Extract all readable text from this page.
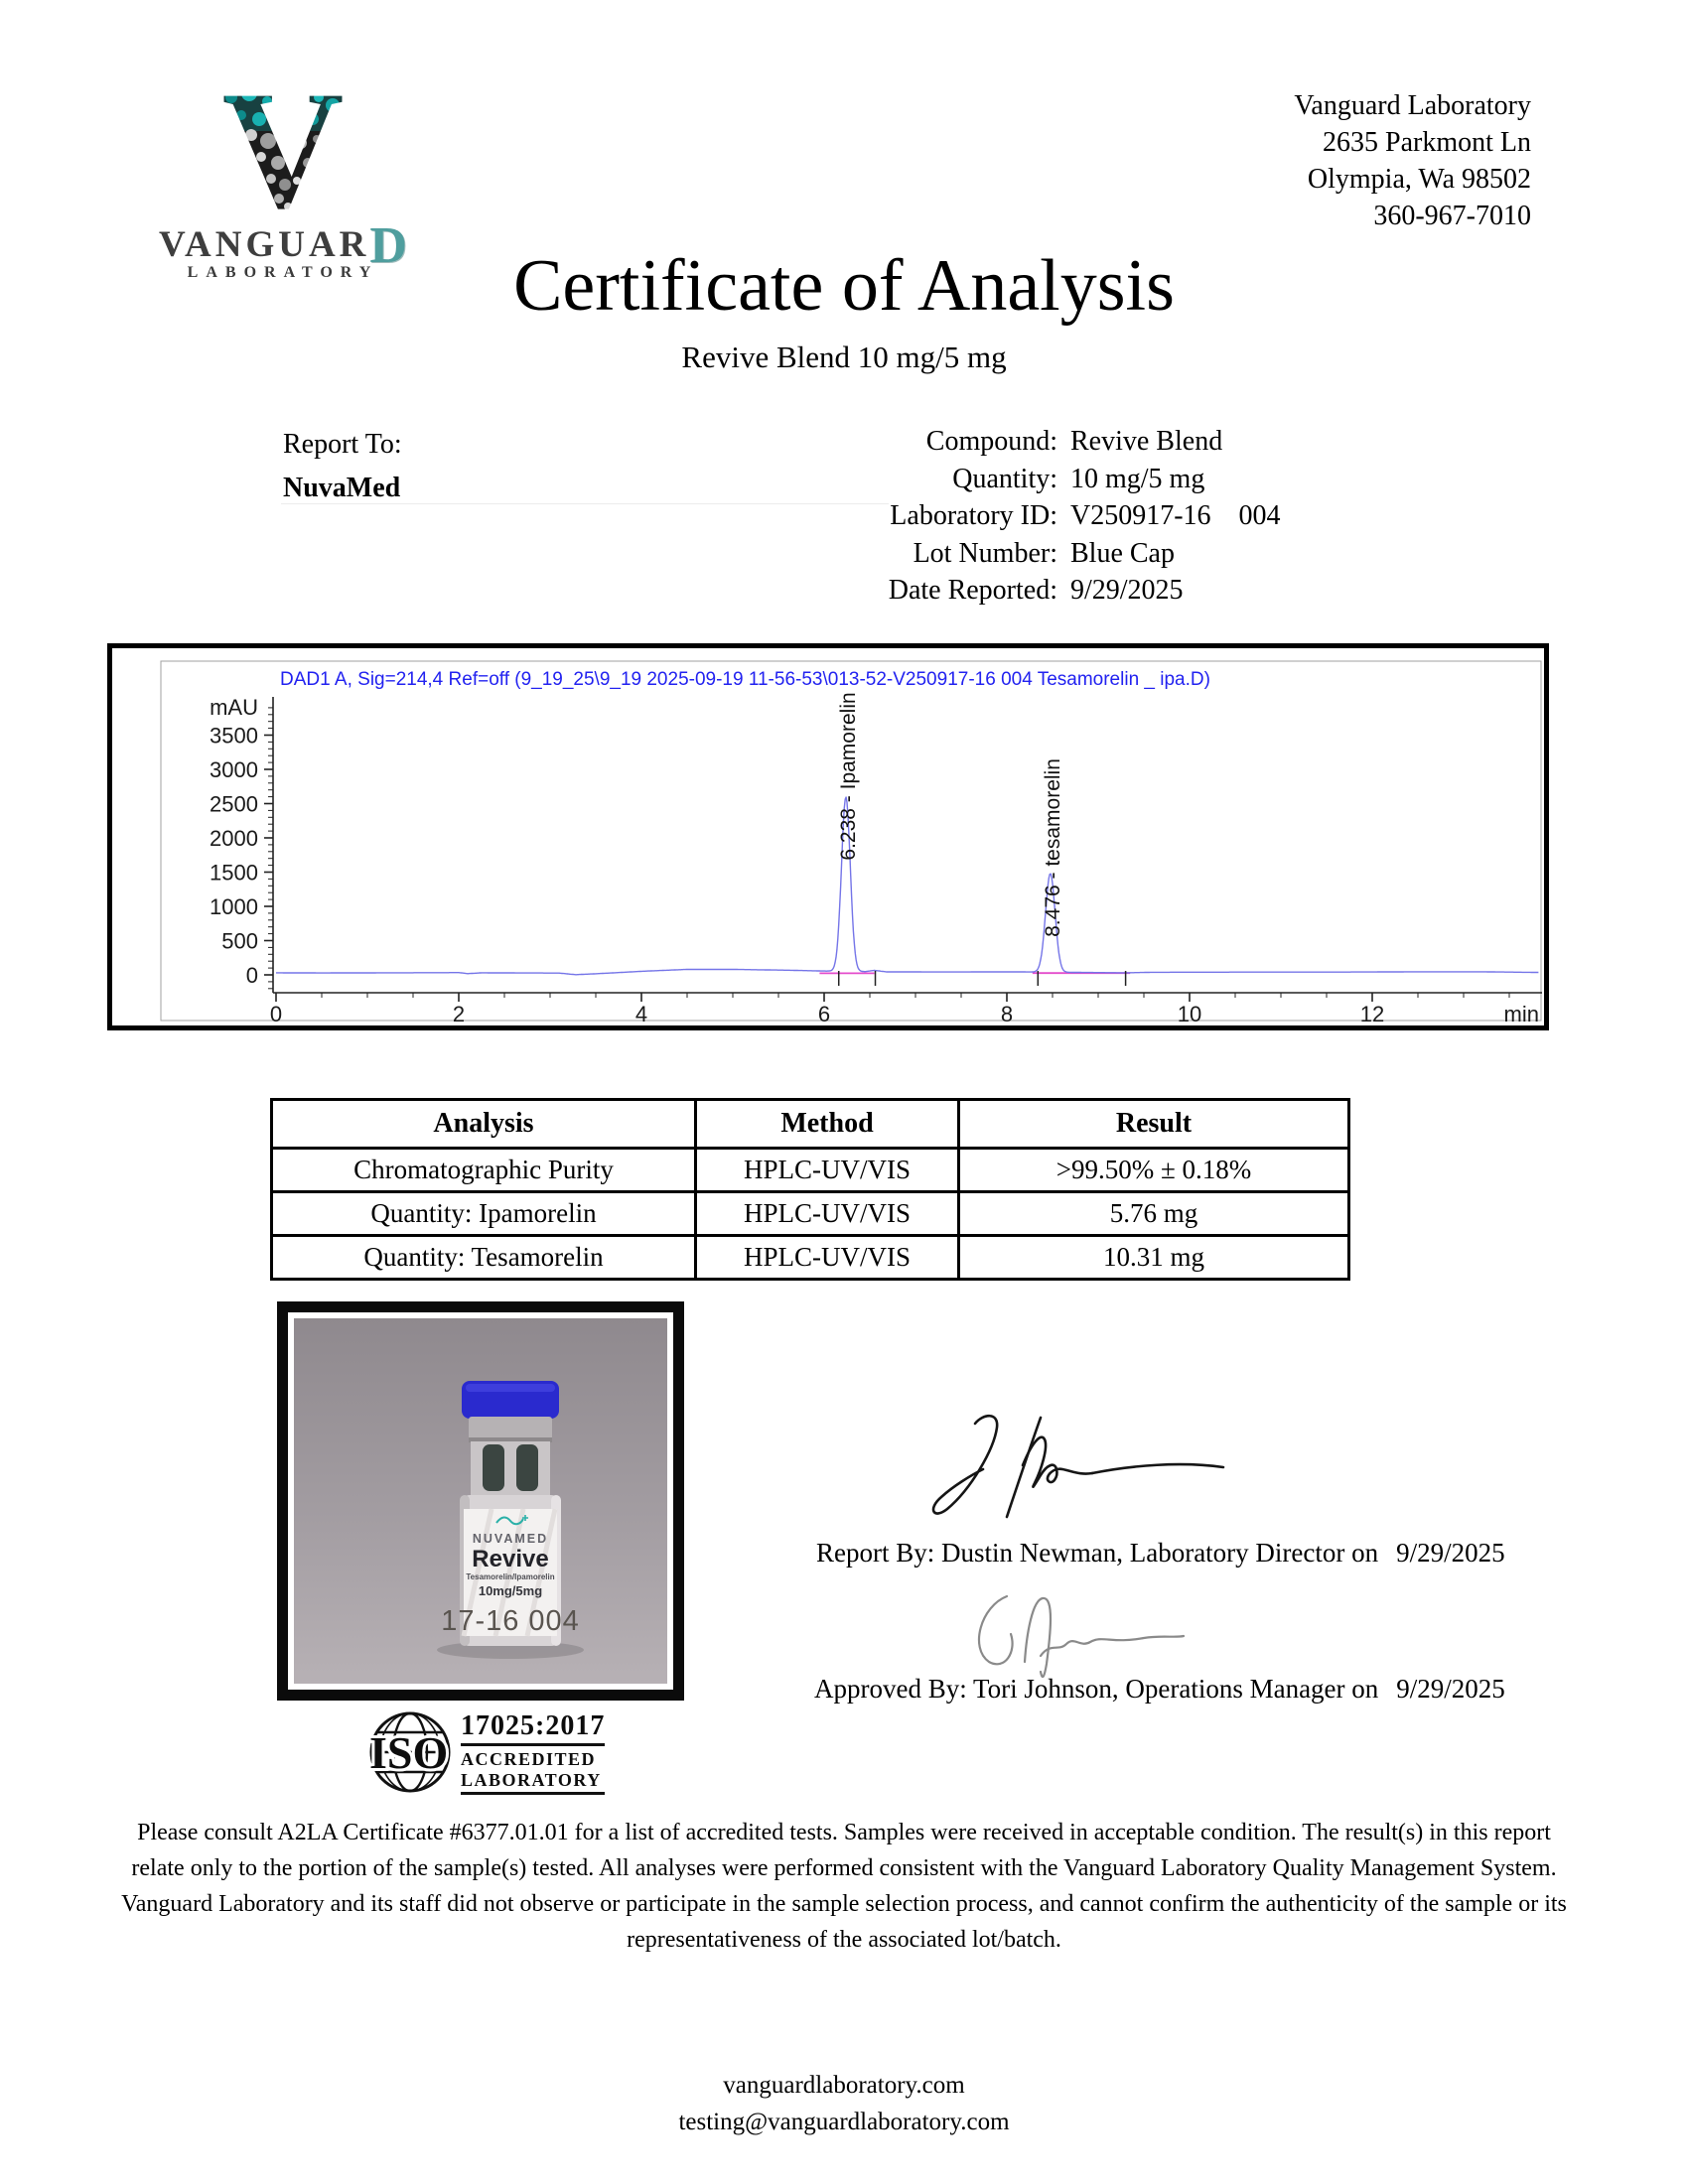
VANGUARD
LABORATORY
Vanguard Laboratory
2635 Parkmont Ln
Olympia, Wa 98502
360-967-7010
Certificate of Analysis
Revive Blend 10 mg/5 mg
Report To:
NuvaMed
Compound: Revive Blend
Quantity: 10 mg/5 mg
Laboratory ID: V250917-16    004
Lot Number: Blue Cap
Date Reported: 9/29/2025
DAD1 A, Sig=214,4 Ref=off (9_19_25\9_19 2025-09-19 11-56-53\013-52-V250917-16 004 Tesamorelin _ ipa.D)
0
500
1000
1500
2000
2500
3000
3500
mAU
0	2	4	6	8	10	12	min
6.238 - Ipamorelin	8.476 - tesamorelin
Analysis	Method	Result
Chromatographic Purity	HPLC-UV/VIS	>99.50% ± 0.18%
Quantity: Ipamorelin	HPLC-UV/VIS	5.76 mg
Quantity: Tesamorelin	HPLC-UV/VIS	10.31 mg
NUVAMED
Revive
Tesamorelin/Ipamorelin
10mg/5mg
17-16 004
Report By: Dustin Newman, Laboratory Director on 9/29/2025
Approved By: Tori Johnson, Operations Manager on 9/29/2025
ISO
17025:2017
ACCREDITED
LABORATORY
Please consult A2LA Certificate #6377.01.01 for a list of accredited tests. Samples were received in acceptable condition. The result(s) in this report relate only to the portion of the sample(s) tested. All analyses were performed consistent with the Vanguard Laboratory Quality Management System. Vanguard Laboratory and its staff did not observe or participate in the sample selection process, and cannot confirm the authenticity of the sample or its representativeness of the associated lot/batch.
vanguardlaboratory.com
testing@vanguardlaboratory.com
